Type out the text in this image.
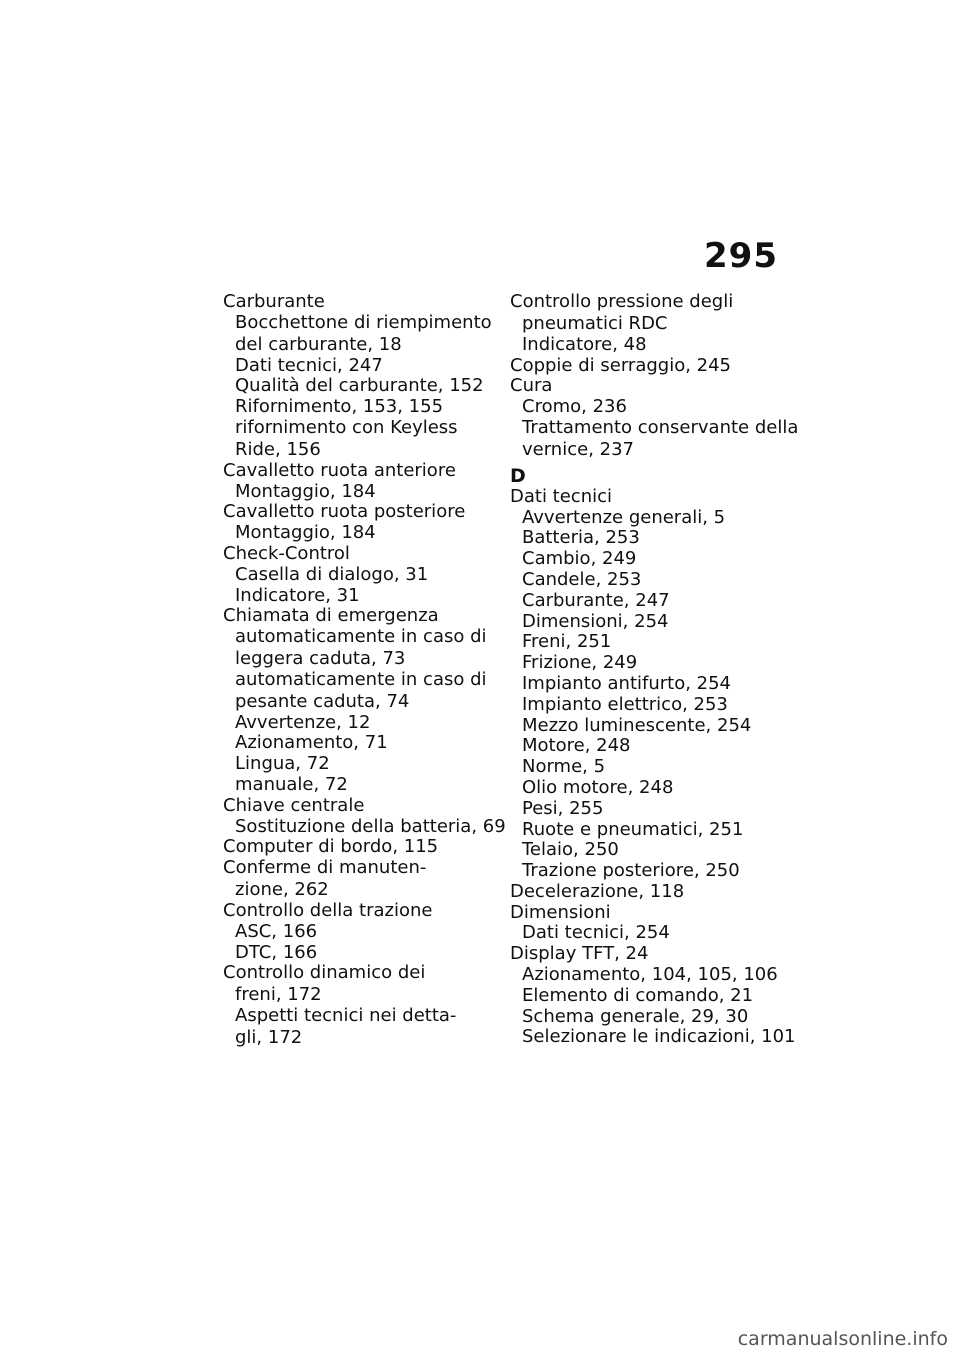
295
Carburante
Bocchettone di riempimento
del carburante, 18
Dati tecnici, 247
Qualità del carburante, 152
Rifornimento, 153, 155
rifornimento con Keyless
Ride, 156
Cavalletto ruota anteriore
Montaggio, 184
Cavalletto ruota posteriore
Montaggio, 184
Check-Control
Casella di dialogo, 31
Indicatore, 31
Chiamata di emergenza
automaticamente in caso di
leggera caduta, 73
automaticamente in caso di
pesante caduta, 74
Avvertenze, 12
Azionamento, 71
Lingua, 72
manuale, 72
Chiave centrale
Sostituzione della batteria, 69
Computer di bordo, 115
Conferme di manuten-
zione, 262
Controllo della trazione
ASC, 166
DTC, 166
Controllo dinamico dei
freni, 172
Aspetti tecnici nei detta-
gli, 172
Controllo pressione degli
pneumatici RDC
Indicatore, 48
Coppie di serraggio, 245
Cura
Cromo, 236
Trattamento conservante della
vernice, 237
D
Dati tecnici
Avvertenze generali, 5
Batteria, 253
Cambio, 249
Candele, 253
Carburante, 247
Dimensioni, 254
Freni, 251
Frizione, 249
Impianto antifurto, 254
Impianto elettrico, 253
Mezzo luminescente, 254
Motore, 248
Norme, 5
Olio motore, 248
Pesi, 255
Ruote e pneumatici, 251
Telaio, 250
Trazione posteriore, 250
Decelerazione, 118
Dimensioni
Dati tecnici, 254
Display TFT, 24
Azionamento, 104, 105, 106
Elemento di comando, 21
Schema generale, 29, 30
Selezionare le indicazioni, 101
carmanualsonline.info
